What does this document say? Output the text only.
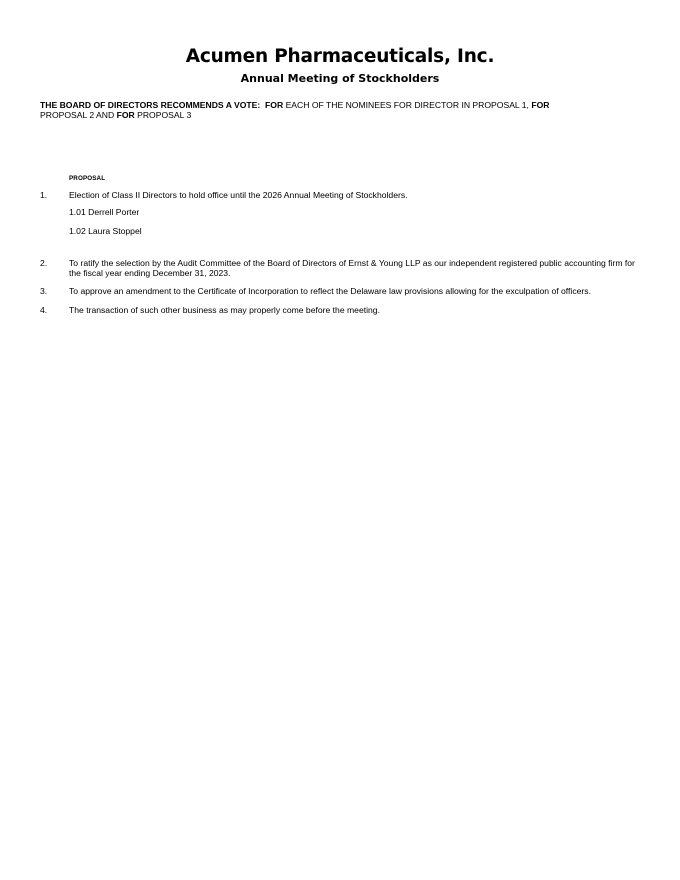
Acumen Pharmaceuticals, Inc.
Annual Meeting of Stockholders
THE BOARD OF DIRECTORS RECOMMENDS A VOTE: FOR EACH OF THE NOMINEES FOR DIRECTOR IN PROPOSAL 1, FOR
PROPOSAL 2 AND FOR PROPOSAL 3
PROPOSAL
1.	Election of Class II Directors to hold office until the 2026 Annual Meeting of Stockholders.
1.01 Derrell Porter
1.02 Laura Stoppel
2.	To ratify the selection by the Audit Committee of the Board of Directors of Ernst & Young LLP as our independent registered public accounting firm for the fiscal year ending December 31, 2023.
3.	To approve an amendment to the Certificate of Incorporation to reflect the Delaware law provisions allowing for the exculpation of officers.
4.	The transaction of such other business as may properly come before the meeting.
